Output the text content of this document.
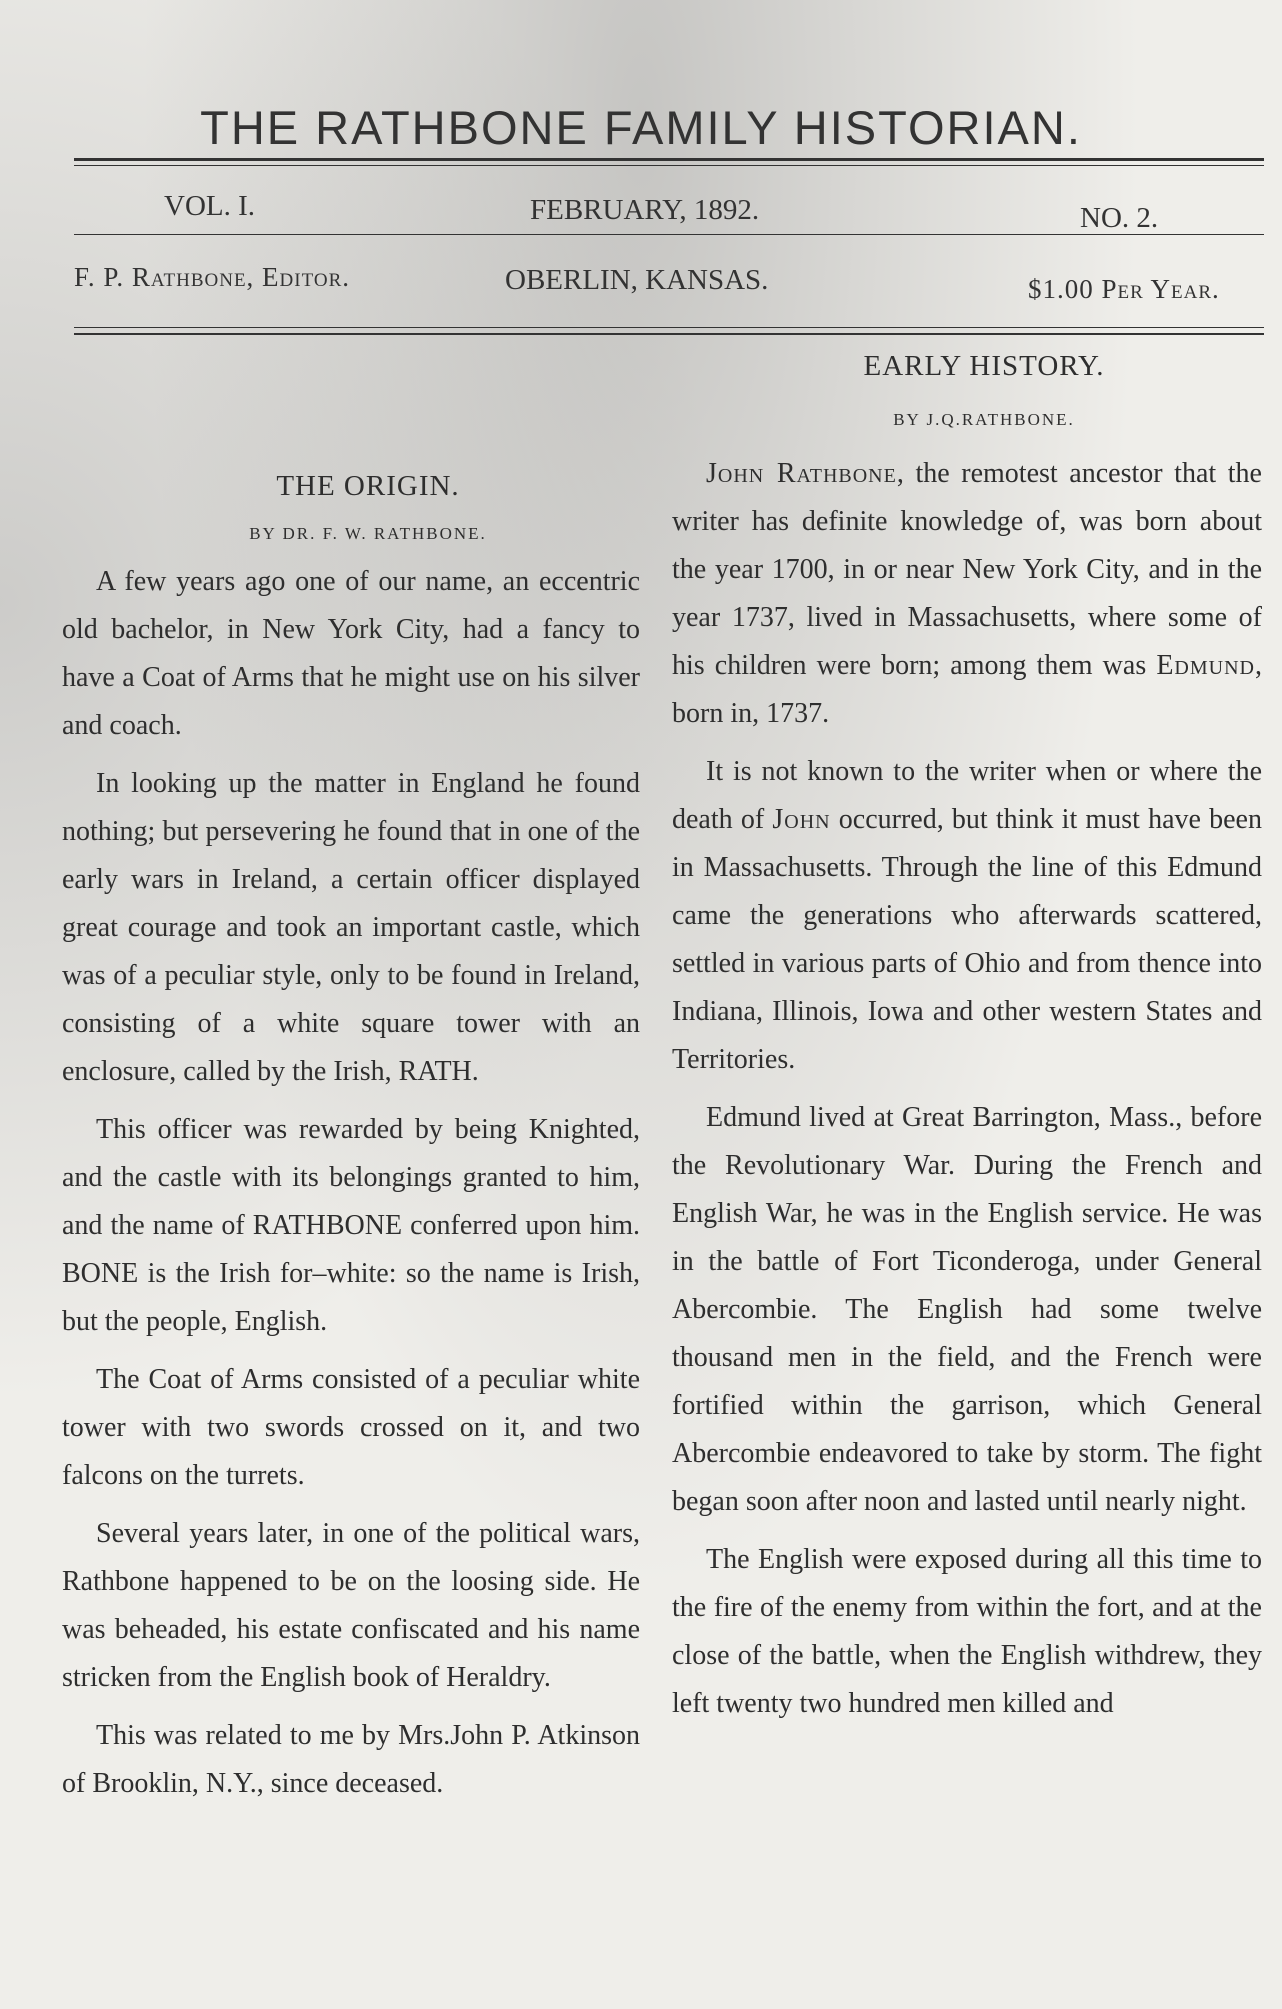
THE RATHBONE FAMILY HISTORIAN.
VOL. I.	FEBRUARY, 1892.	NO. 2.
F. P. Rathbone, Editor.	OBERLIN, KANSAS.	$1.00 Per Year.

THE ORIGIN.

BY DR. F. W. RATHBONE.

A few years ago one of our name, an eccentric old bachelor, in New York City, had a fancy to have a Coat of Arms that he might use on his silver and coach.

In looking up the matter in England he found nothing; but persevering he found that in one of the early wars in Ireland, a certain officer displayed great courage and took an important castle, which was of a peculiar style, only to be found in Ireland, consisting of a white square tower with an enclosure, called by the Irish, RATH.

This officer was rewarded by being Knighted, and the castle with its belongings granted to him, and the name of RATHBONE conferred upon him. BONE is the Irish for–white: so the name is Irish, but the people, English.

The Coat of Arms consisted of a peculiar white tower with two swords crossed on it, and two falcons on the turrets.

Several years later, in one of the political wars, Rathbone happened to be on the loosing side. He was beheaded, his estate confiscated and his name stricken from the English book of Heraldry.

This was related to me by Mrs.John P. Atkinson of Brooklin, N.Y., since deceased.

EARLY HISTORY.

BY J.Q.RATHBONE.

John Rathbone, the remotest ancestor that the writer has definite knowledge of, was born about the year 1700, in or near New York City, and in the year 1737, lived in Massachusetts, where some of his children were born; among them was Edmund, born in, 1737.

It is not known to the writer when or where the death of John occurred, but think it must have been in Massachusetts. Through the line of this Edmund came the generations who afterwards scattered, settled in various parts of Ohio and from thence into Indiana, Illinois, Iowa and other western States and Territories.

Edmund lived at Great Barrington, Mass., before the Revolutionary War. During the French and English War, he was in the English service. He was in the battle of Fort Ticonderoga, under General Abercombie. The English had some twelve thousand men in the field, and the French were fortified within the garrison, which General Abercombie endeavored to take by storm. The fight began soon after noon and lasted until nearly night.

The English were exposed during all this time to the fire of the enemy from within the fort, and at the close of the battle, when the English withdrew, they left twenty two hundred men killed and
